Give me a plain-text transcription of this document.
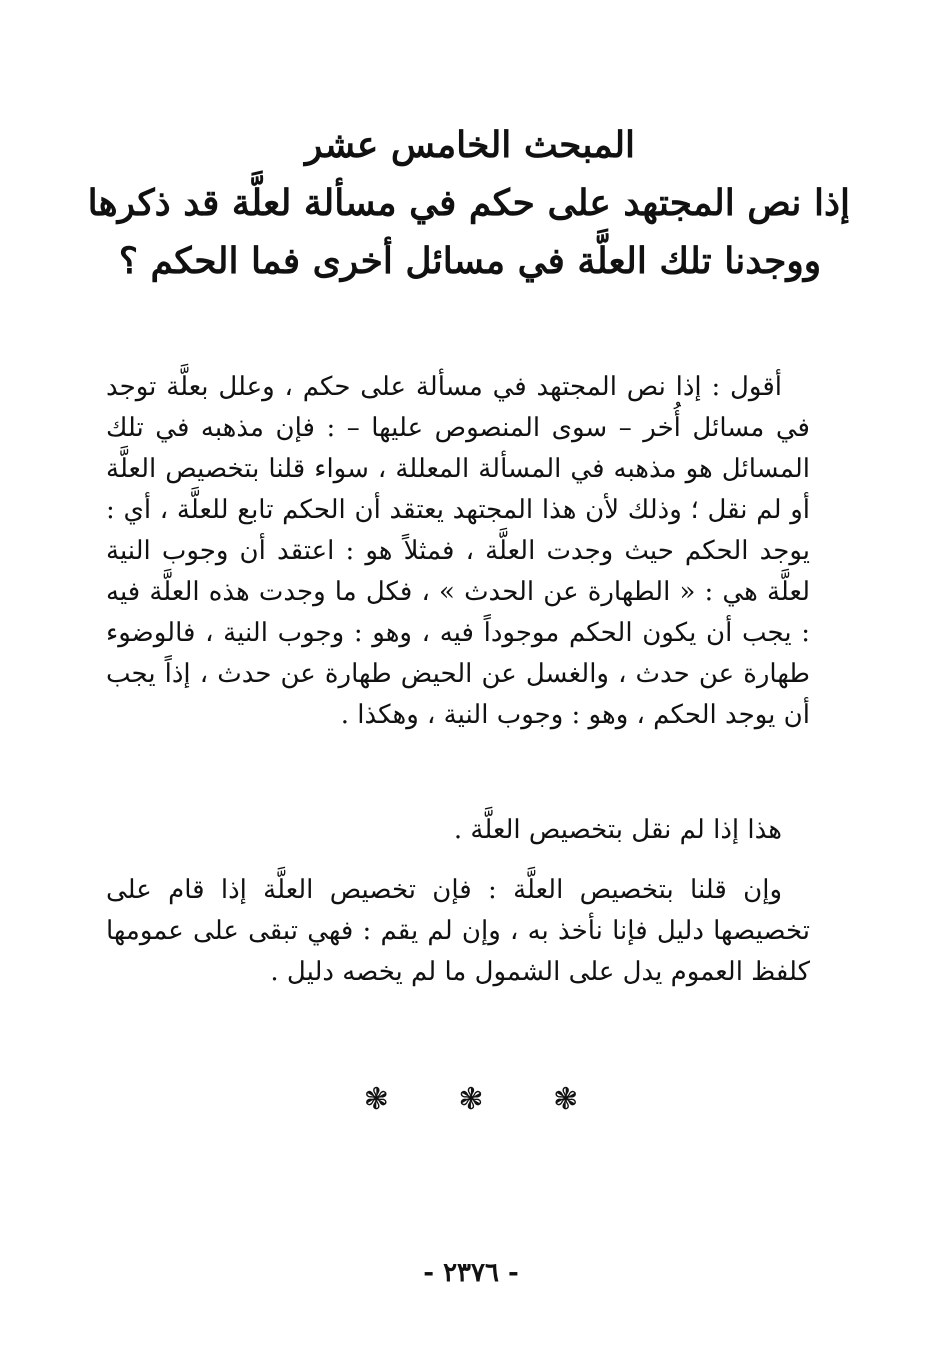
المبحث الخامس عشر
إذا نص المجتهد على حكم في مسألة لعلَّة قد ذكرها
ووجدنا تلك العلَّة في مسائل أخرى فما الحكم ؟

أقول : إذا نص المجتهد في مسألة على حكم ، وعلل بعلَّة توجد في مسائل أُخر – سوى المنصوص عليها – : فإن مذهبه في تلك المسائل هو مذهبه في المسألة المعللة ، سواء قلنا بتخصيص العلَّة أو لم نقل ؛ وذلك لأن هذا المجتهد يعتقد أن الحكم تابع للعلَّة ، أي : يوجد الحكم حيث وجدت العلَّة ، فمثلاً هو : اعتقد أن وجوب النية لعلَّة هي : « الطهارة عن الحدث » ، فكل ما وجدت هذه العلَّة فيه : يجب أن يكون الحكم موجوداً فيه ، وهو : وجوب النية ، فالوضوء طهارة عن حدث ، والغسل عن الحيض طهارة عن حدث ، إذاً يجب أن يوجد الحكم ، وهو : وجوب النية ، وهكذا .

هذا إذا لم نقل بتخصيص العلَّة .

وإن قلنا بتخصيص العلَّة : فإن تخصيص العلَّة إذا قام على تخصيصها دليل فإنا نأخذ به ، وإن لم يقم : فهي تبقى على عمومها كلفظ العموم يدل على الشمول ما لم يخصه دليل .

❃ ❃ ❃
- ٢٣٧٦ -
